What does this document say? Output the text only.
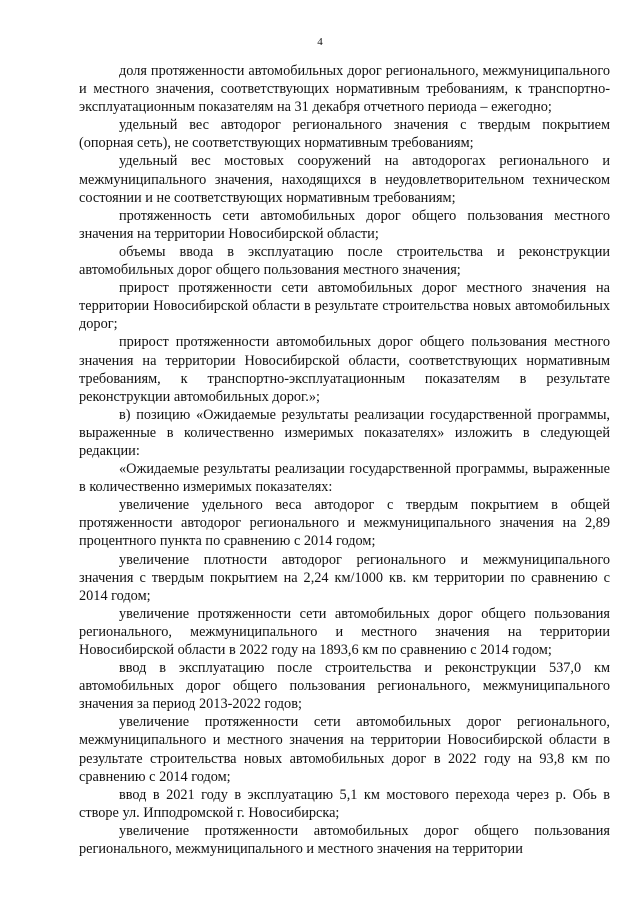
4

доля протяженности автомобильных дорог регионального, межмуниципального и местного значения, соответствующих нормативным требованиям, к транспортно-эксплуатационным показателям на 31 декабря отчетного периода – ежегодно;

удельный вес автодорог регионального значения с твердым покрытием (опорная сеть), не соответствующих нормативным требованиям;

удельный вес мостовых сооружений на автодорогах регионального и межмуниципального значения, находящихся в неудовлетворительном техническом состоянии и не соответствующих нормативным требованиям;

протяженность сети автомобильных дорог общего пользования местного значения на территории Новосибирской области;

объемы ввода в эксплуатацию после строительства и реконструкции автомобильных дорог общего пользования местного значения;

прирост протяженности сети автомобильных дорог местного значения на территории Новосибирской области в результате строительства новых автомобильных дорог;

прирост протяженности автомобильных дорог общего пользования местного значения на территории Новосибирской области, соответствующих нормативным требованиям, к транспортно-эксплуатационным показателям в результате реконструкции автомобильных дорог.»;

в) позицию «Ожидаемые результаты реализации государственной программы, выраженные в количественно измеримых показателях» изложить в следующей редакции:

«Ожидаемые результаты реализации государственной программы, выраженные в количественно измеримых показателях:

увеличение удельного веса автодорог с твердым покрытием в общей протяженности автодорог регионального и межмуниципального значения на 2,89 процентного пункта по сравнению с 2014 годом;

увеличение плотности автодорог регионального и межмуниципального значения с твердым покрытием на 2,24 км/1000 кв. км территории по сравнению с 2014 годом;

увеличение протяженности сети автомобильных дорог общего пользования регионального, межмуниципального и местного значения на территории Новосибирской области в 2022 году на 1893,6 км по сравнению с 2014 годом;

ввод в эксплуатацию после строительства и реконструкции 537,0 км автомобильных дорог общего пользования регионального, межмуниципального значения за период 2013-2022 годов;

увеличение протяженности сети автомобильных дорог регионального, межмуниципального и местного значения на территории Новосибирской области в результате строительства новых автомобильных дорог в 2022 году на 93,8 км по сравнению с 2014 годом;

ввод в 2021 году в эксплуатацию 5,1 км мостового перехода через р. Обь в створе ул. Ипподромской г. Новосибирска;

увеличение протяженности автомобильных дорог общего пользования регионального, межмуниципального и местного значения на территории
